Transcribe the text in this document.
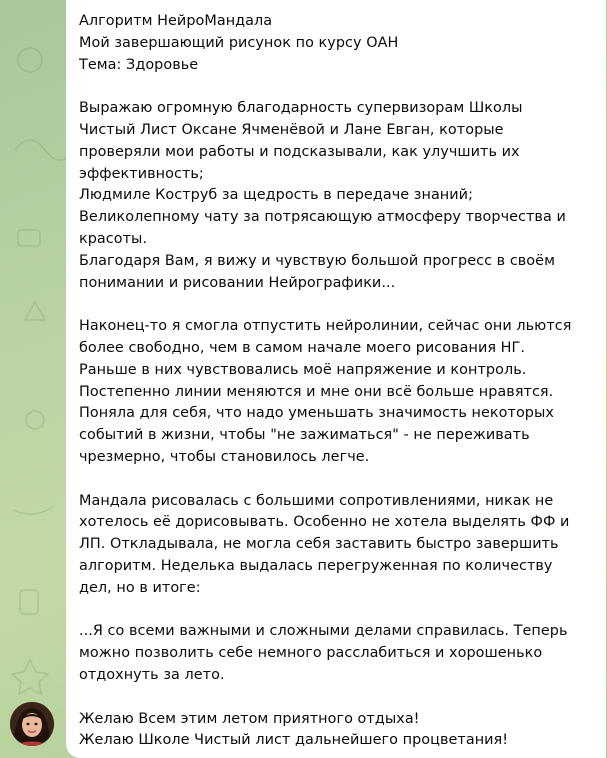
Алгоритм НейроМандала
Мой завершающий рисунок по курсу ОАН
Тема: Здоровье
Выражаю огромную благодарность супервизорам Школы
Чистый Лист Оксане Ячменёвой и Лане Евган, которые
проверяли мои работы и подсказывали, как улучшить их
эффективность;
Людмиле Коструб за щедрость в передаче знаний;
Великолепному чату за потрясающую атмосферу творчества и
красоты.
Благодаря Вам, я вижу и чувствую большой прогресс в своём
понимании и рисовании Нейрографики...
Наконец-то я смогла отпустить нейролинии, сейчас они льются
более свободно, чем в самом начале моего рисования НГ.
Раньше в них чувствовались моё напряжение и контроль.
Постепенно линии меняются и мне они всё больше нравятся.
Поняла для себя, что надо уменьшать значимость некоторых
событий в жизни, чтобы "не зажиматься" - не переживать
чрезмерно, чтобы становилось легче.
Мандала рисовалась с большими сопротивлениями, никак не
хотелось её дорисовывать. Особенно не хотела выделять ФФ и
ЛП. Откладывала, не могла себя заставить быстро завершить
алгоритм. Неделька выдалась перегруженная по количеству
дел, но в итоге:
...Я со всеми важными и сложными делами справилась. Теперь
можно позволить себе немного расслабиться и хорошенько
отдохнуть за лето.
Желаю Всем этим летом приятного отдыха!
Желаю Школе Чистый лист дальнейшего процветания!
